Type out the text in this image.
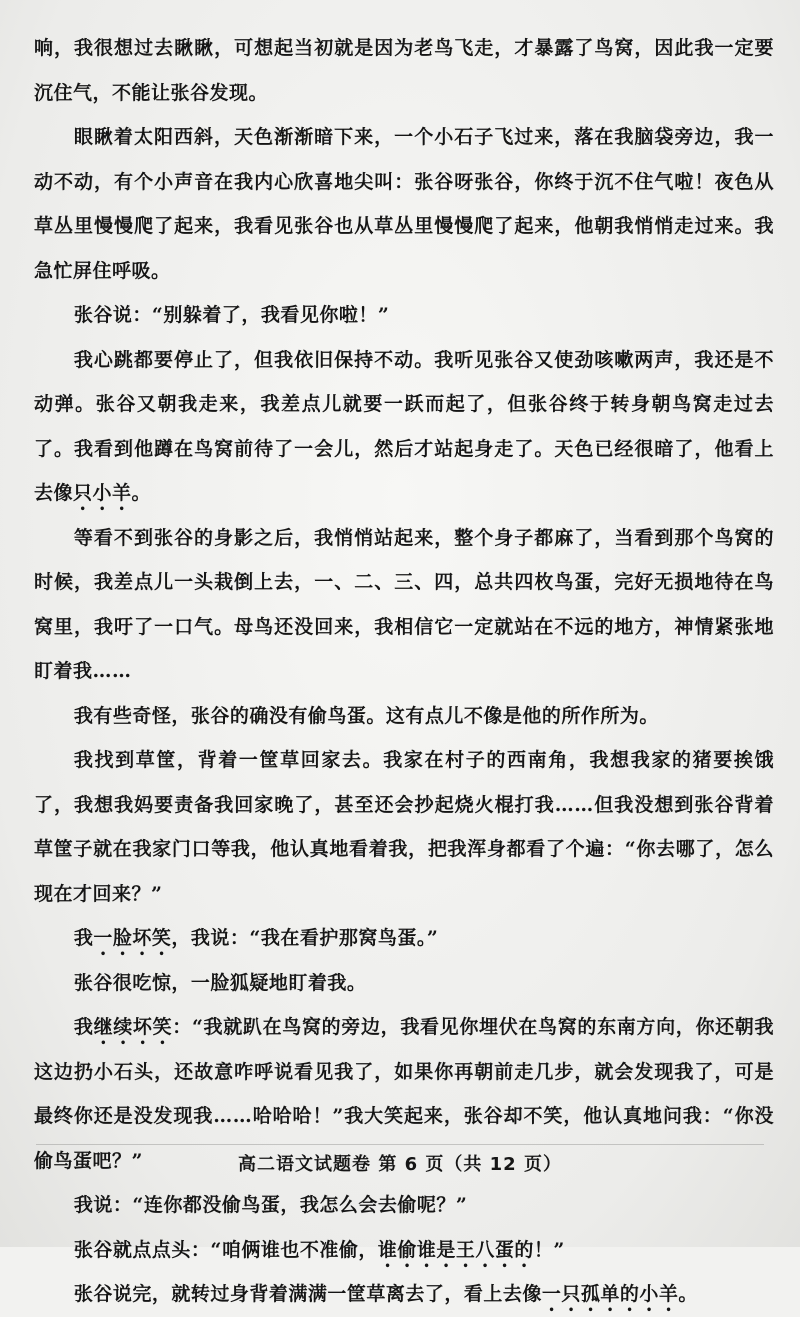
响，我很想过去瞅瞅，可想起当初就是因为老鸟飞走，才暴露了鸟窝，因此我一定要沉住气，不能让张谷发现。

眼瞅着太阳西斜，天色渐渐暗下来，一个小石子飞过来，落在我脑袋旁边，我一动不动，有个小声音在我内心欣喜地尖叫：张谷呀张谷，你终于沉不住气啦！夜色从草丛里慢慢爬了起来，我看见张谷也从草丛里慢慢爬了起来，他朝我悄悄走过来。我急忙屏住呼吸。

张谷说：“别躲着了，我看见你啦！”

我心跳都要停止了，但我依旧保持不动。我听见张谷又使劲咳嗽两声，我还是不动弹。张谷又朝我走来，我差点儿就要一跃而起了，但张谷终于转身朝鸟窝走过去了。我看到他蹲在鸟窝前待了一会儿，然后才站起身走了。天色已经很暗了，他看上去像只小羊。

等看不到张谷的身影之后，我悄悄站起来，整个身子都麻了，当看到那个鸟窝的时候，我差点儿一头栽倒上去，一、二、三、四，总共四枚鸟蛋，完好无损地待在鸟窝里，我吁了一口气。母鸟还没回来，我相信它一定就站在不远的地方，神情紧张地盯着我……

我有些奇怪，张谷的确没有偷鸟蛋。这有点儿不像是他的所作所为。

我找到草筐，背着一筐草回家去。我家在村子的西南角，我想我家的猪要挨饿了，我想我妈要责备我回家晚了，甚至还会抄起烧火棍打我……但我没想到张谷背着草筐子就在我家门口等我，他认真地看着我，把我浑身都看了个遍：“你去哪了，怎么现在才回来？”

我一脸坏笑，我说：“我在看护那窝鸟蛋。”

张谷很吃惊，一脸狐疑地盯着我。

我继续坏笑：“我就趴在鸟窝的旁边，我看见你埋伏在鸟窝的东南方向，你还朝我这边扔小石头，还故意咋呼说看见我了，如果你再朝前走几步，就会发现我了，可是最终你还是没发现我……哈哈哈！”我大笑起来，张谷却不笑，他认真地问我：“你没偷鸟蛋吧？”

我说：“连你都没偷鸟蛋，我怎么会去偷呢？”

张谷就点点头：“咱俩谁也不准偷，谁偷谁是王八蛋的！”

张谷说完，就转过身背着满满一筐草离去了，看上去像一只孤单的小羊。

高二语文试题卷 第 6 页（共 12 页）
